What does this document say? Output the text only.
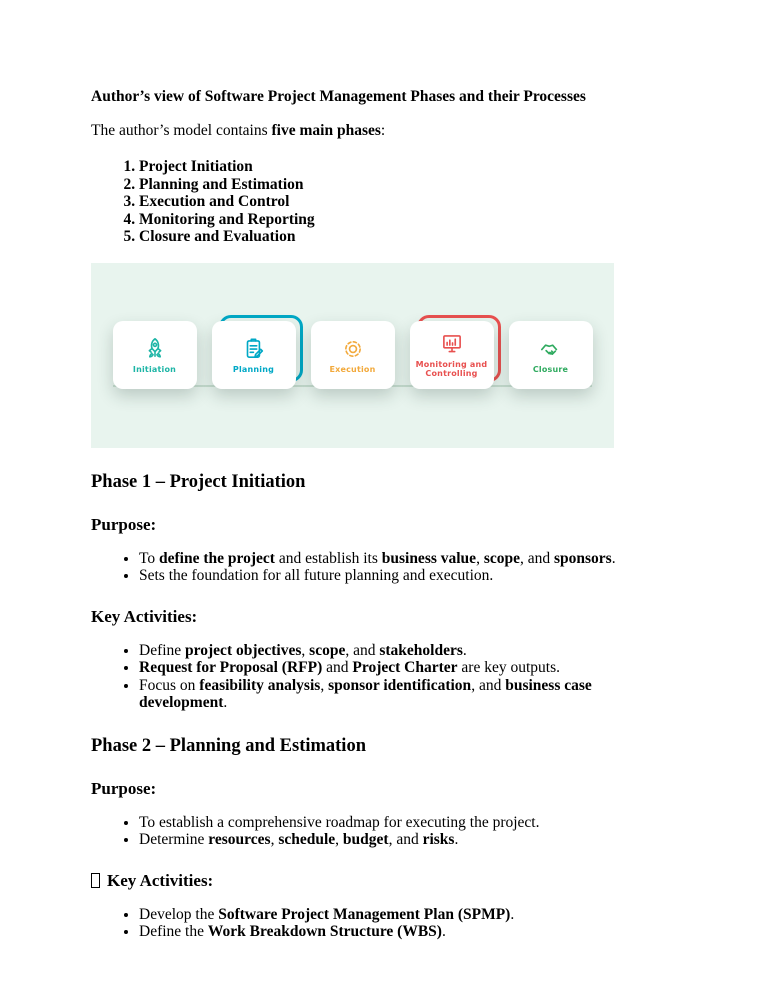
Author’s view of Software Project Management Phases and their Processes

The author’s model contains five main phases:

1. Project Initiation
2. Planning and Estimation
3. Execution and Control
4. Monitoring and Reporting
5. Closure and Evaluation
Initiation	Planning	Execution	Monitoring and Controlling	Closure

Phase 1 – Project Initiation

Purpose:

• To define the project and establish its business value, scope, and sponsors.
• Sets the foundation for all future planning and execution.

Key Activities:

• Define project objectives, scope, and stakeholders.
• Request for Proposal (RFP) and Project Charter are key outputs.
• Focus on feasibility analysis, sponsor identification, and business case development.

Phase 2 – Planning and Estimation

Purpose:

• To establish a comprehensive roadmap for executing the project.
• Determine resources, schedule, budget, and risks.

Key Activities:

• Develop the Software Project Management Plan (SPMP).
• Define the Work Breakdown Structure (WBS).
